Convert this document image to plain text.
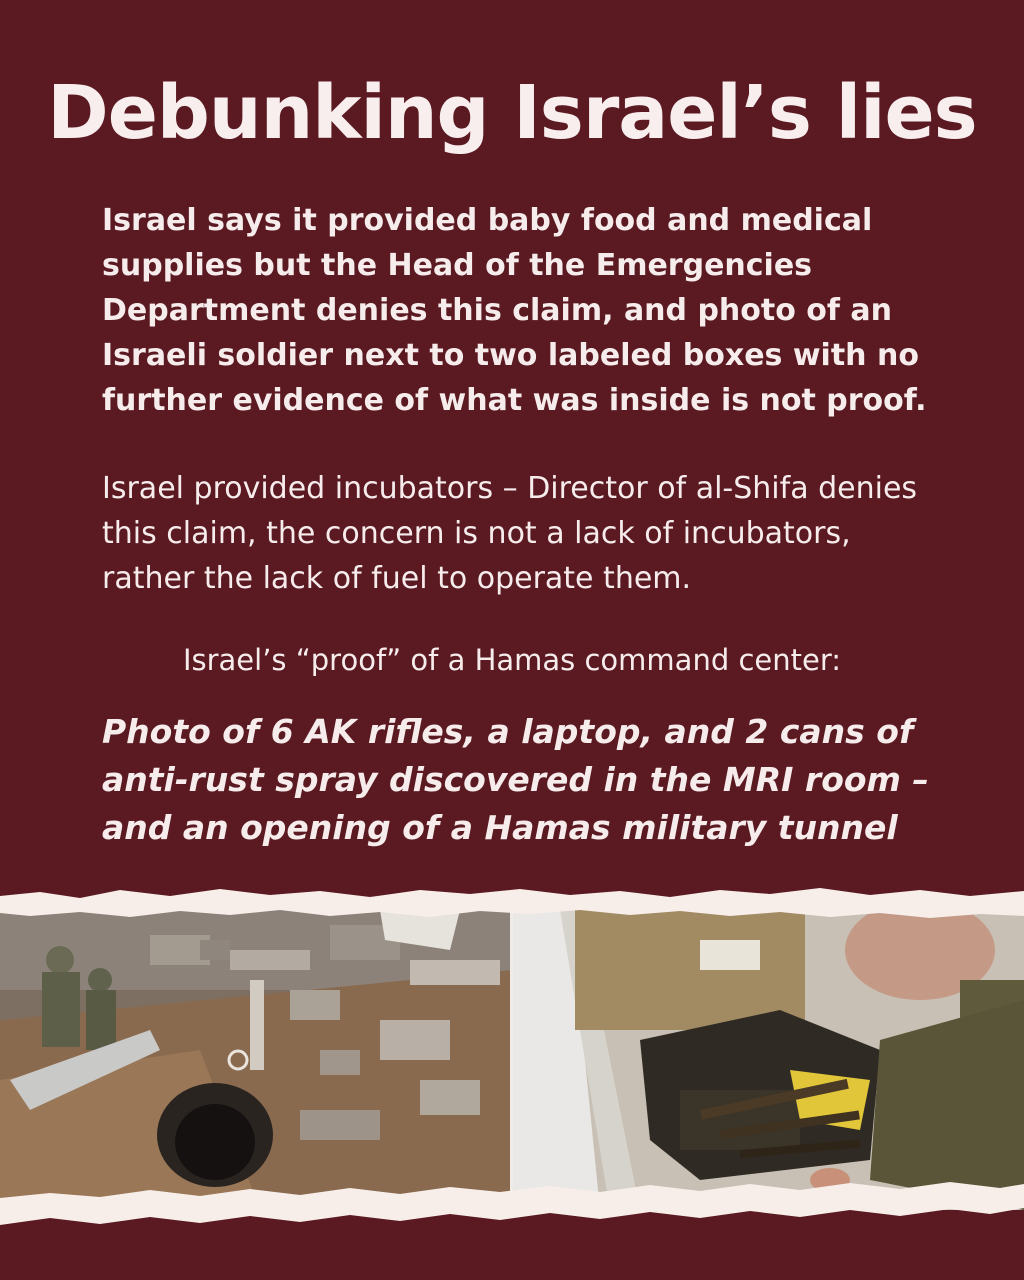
Debunking Israel’s lies

Israel says it provided baby food and medical supplies but the Head of the Emergencies Department denies this claim, and photo of an Israeli soldier next to two labeled boxes with no further evidence of what was inside is not proof.

Israel provided incubators – Director of al-Shifa denies this claim, the concern is not a lack of incubators, rather the lack of fuel to operate them.

Israel’s “proof” of a Hamas command center:

Photo of 6 AK rifles, a laptop, and 2 cans of anti-rust spray discovered in the MRI room – and an opening of a Hamas military tunnel
